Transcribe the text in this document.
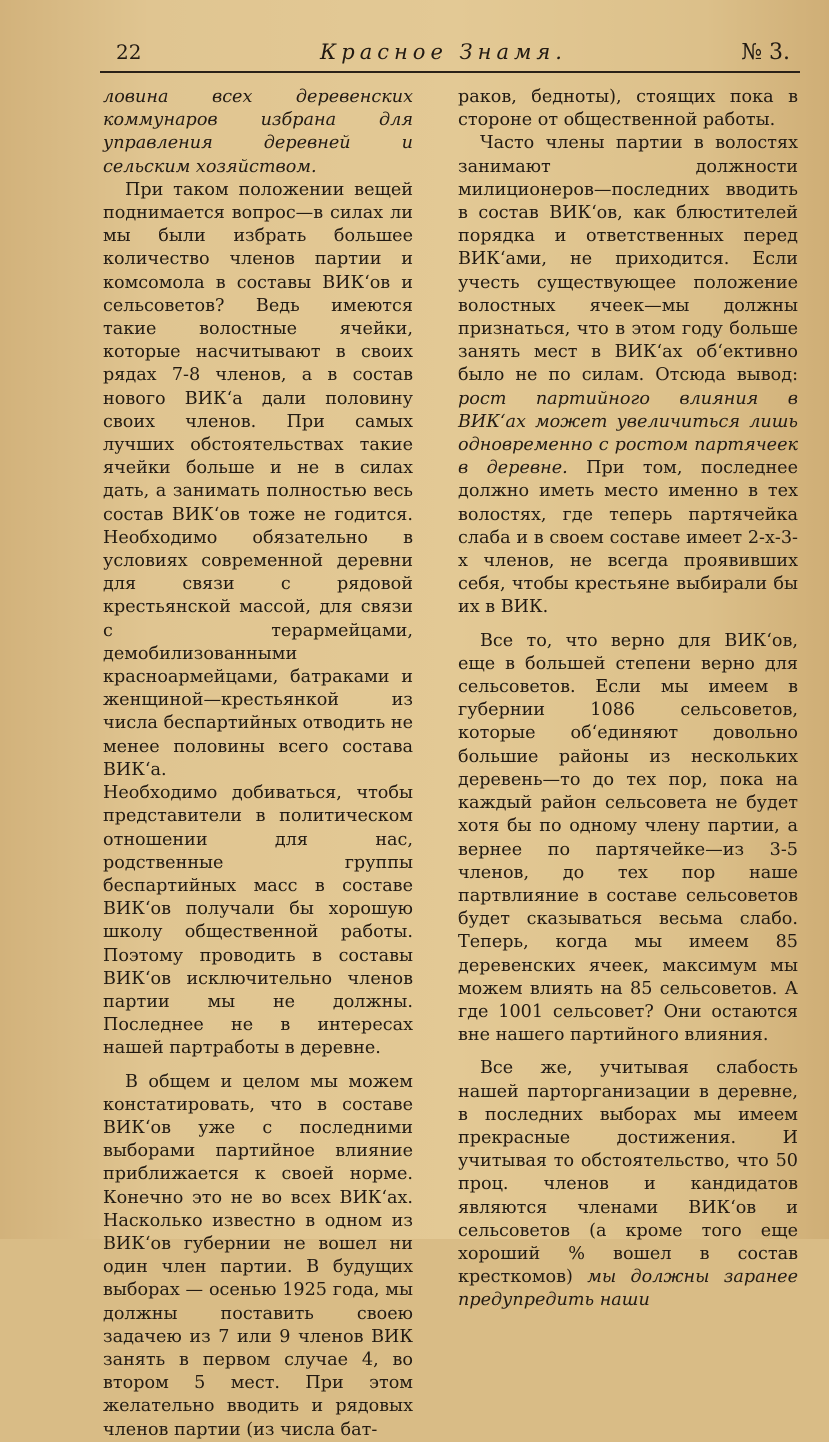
22	Красное Знамя.	№ 3.

ловина всех деревенских коммунаров избрана для управления деревней и сельским хозяйством.

При таком положении вещей поднимается вопрос—в силах ли мы были избрать большее количество членов партии и комсомола в составы ВИК‘ов и сельсоветов? Ведь имеются такие волостные ячейки, которые насчитывают в своих рядах 7-8 членов, а в состав нового ВИК‘а дали половину своих членов. При самых лучших обстоятельствах такие ячейки больше и не в силах дать, а занимать полностью весь состав ВИК‘ов тоже не годится. Необходимо обязательно в условиях современной деревни для связи с рядовой крестьянской массой, для связи с терармейцами, демобилизованными красноармейцами, батраками и женщиной—крестьянкой из числа беспартийных отводить не менее половины всего состава ВИК‘а.

Необходимо добиваться, чтобы представители в политическом отношении для нас, родственные группы беспартийных масс в составе ВИК‘ов получали бы хорошую школу общественной работы. Поэтому проводить в составы ВИК‘ов исключительно членов партии мы не должны. Последнее не в интересах нашей партработы в деревне.

В общем и целом мы можем констатировать, что в составе ВИК‘ов уже с последними выборами партийное влияние приближается к своей норме. Конечно это не во всех ВИК‘ах. Насколько известно в одном из ВИК‘ов губернии не вошел ни один член партии. В будущих выборах — осенью 1925 года, мы должны поставить своею задачею из 7 или 9 членов ВИК занять в первом случае 4, во втором 5 мест. При этом желательно вводить и рядовых членов партии (из числа бат-

раков, бедноты), стоящих пока в стороне от общественной работы.

Часто члены партии в волостях занимают должности милиционеров—последних вводить в состав ВИК‘ов, как блюстителей порядка и ответственных перед ВИК‘ами, не приходится. Если учесть существующее положение волостных ячеек—мы должны признаться, что в этом году больше занять мест в ВИК‘ах об‘ективно было не по силам. Отсюда вывод: рост партийного влияния в ВИК‘ах может увеличиться лишь одновременно с ростом партячеек в деревне. При том, последнее должно иметь место именно в тех волостях, где теперь партячейка слаба и в своем составе имеет 2-х-3-х членов, не всегда проявивших себя, чтобы крестьяне выбирали бы их в ВИК.

Все то, что верно для ВИК‘ов, еще в большей степени верно для сельсоветов. Если мы имеем в губернии 1086 сельсоветов, которые об‘единяют довольно большие районы из нескольких деревень—то до тех пор, пока на каждый район сельсовета не будет хотя бы по одному члену партии, а вернее по партячейке—из 3-5 членов, до тех пор наше партвлияние в составе сельсоветов будет сказываться весьма слабо. Теперь, когда мы имеем 85 деревенских ячеек, максимум мы можем влиять на 85 сельсоветов. А где 1001 сельсовет? Они остаются вне нашего партийного влияния.

Все же, учитывая слабость нашей парторганизации в деревне, в последних выборах мы имеем прекрасные достижения. И учитывая то обстоятельство, что 50 проц. членов и кандидатов являются членами ВИК‘ов и сельсоветов (а кроме того еще хороший % вошел в состав кресткомов) мы должны заранее предупредить наши
